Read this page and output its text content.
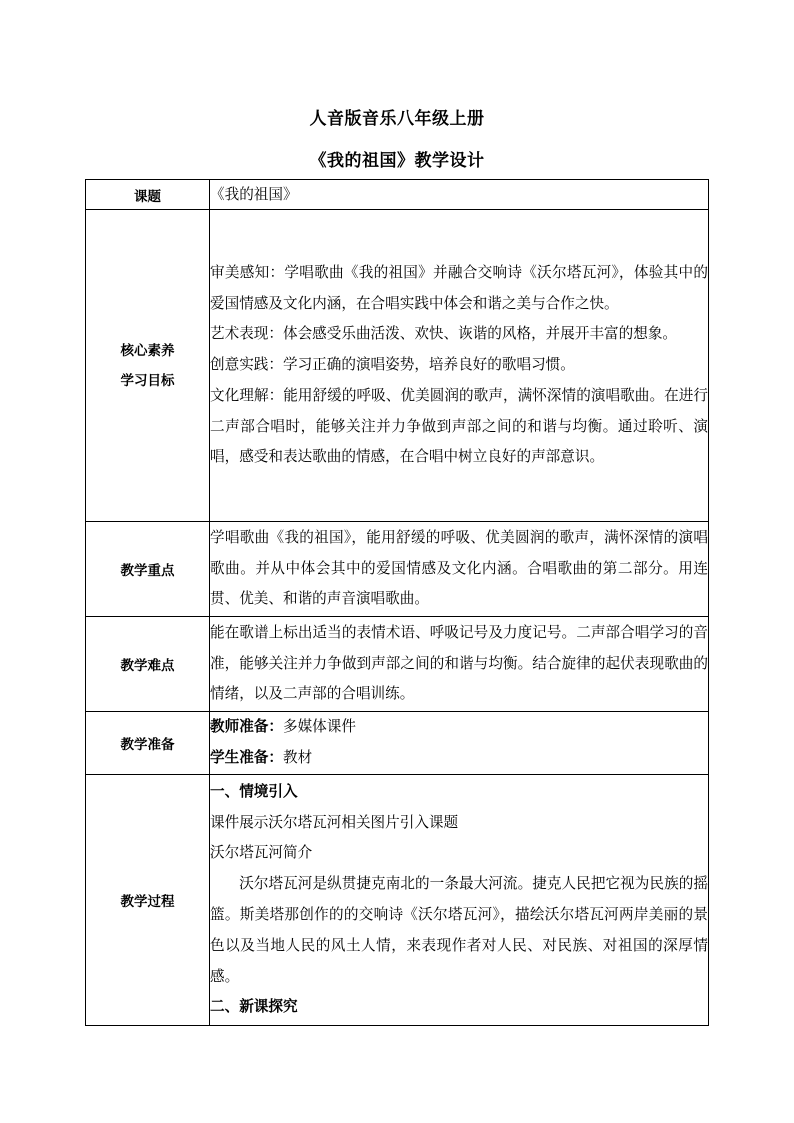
人音版音乐八年级上册
《我的祖国》教学设计
课题	《我的祖国》

核心素养
学习目标	审美感知：学唱歌曲《我的祖国》并融合交响诗《沃尔塔瓦河》，体验其中的爱国情感及文化内涵，在合唱实践中体会和谐之美与合作之快。
艺术表现：体会感受乐曲活泼、欢快、诙谐的风格，并展开丰富的想象。
创意实践：学习正确的演唱姿势，培养良好的歌唱习惯。
文化理解：能用舒缓的呼吸、优美圆润的歌声，满怀深情的演唱歌曲。在进行二声部合唱时，能够关注并力争做到声部之间的和谐与均衡。通过聆听、演唱，感受和表达歌曲的情感，在合唱中树立良好的声部意识。

教学重点	学唱歌曲《我的祖国》，能用舒缓的呼吸、优美圆润的歌声，满怀深情的演唱歌曲。并从中体会其中的爱国情感及文化内涵。合唱歌曲的第二部分。用连贯、优美、和谐的声音演唱歌曲。
教学难点	能在歌谱上标出适当的表情术语、呼吸记号及力度记号。二声部合唱学习的音准，能够关注并力争做到声部之间的和谐与均衡。结合旋律的起伏表现歌曲的情绪，以及二声部的合唱训练。
教学准备	教师准备：多媒体课件
学生准备：教材

教学过程	一、情境引入
课件展示沃尔塔瓦河相关图片引入课题
沃尔塔瓦河简介
沃尔塔瓦河是纵贯捷克南北的一条最大河流。捷克人民把它视为民族的摇篮。斯美塔那创作的的交响诗《沃尔塔瓦河》，描绘沃尔塔瓦河两岸美丽的景色以及当地人民的风土人情，来表现作者对人民、对民族、对祖国的深厚情感。
二、新课探究
